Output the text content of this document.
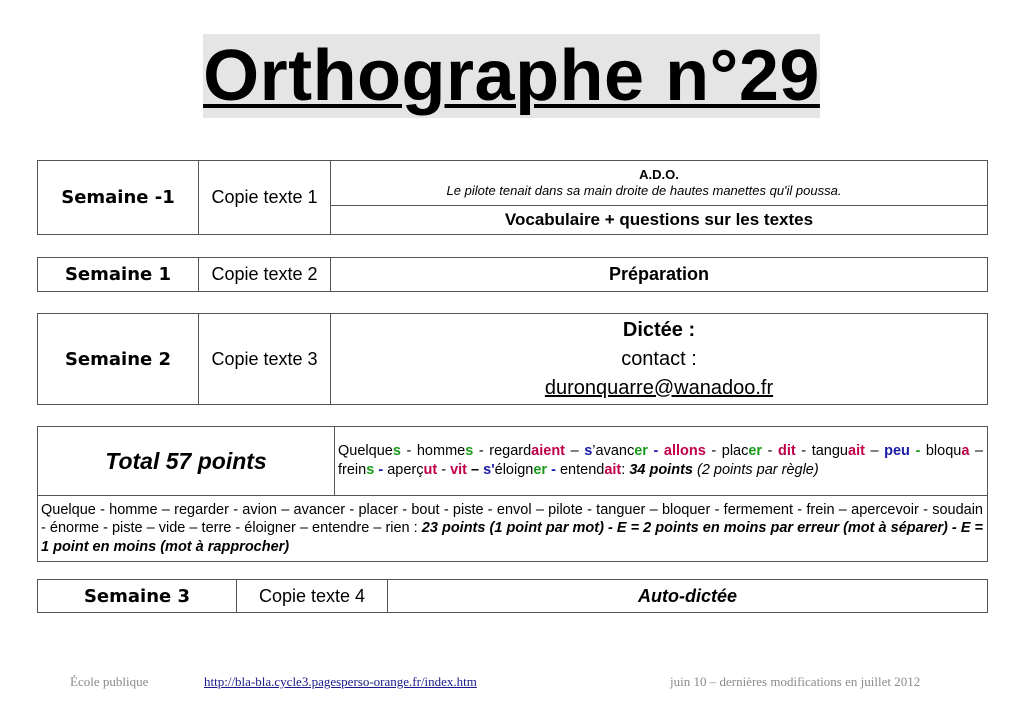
Orthographe n°29
Semaine -1	Copie texte 1	
A.D.O.
Le pilote tenait dans sa main droite de hautes manettes qu'il poussa.

Vocabulaire + questions sur les textes
Semaine 1	Copie texte 2	Préparation
Semaine 2	Copie texte 3	
Dictée :
contact :
duronquarre@wanadoo.fr
Total 57 points	Quelques - hommes - regardaient – s’avancer - allons - placer - dit - tanguait – peu - bloqua – freins - aperçut - vit – s'éloigner - entendait: 34 points (2 points par règle)
Quelque - homme – regarder - avion – avancer - placer - bout - piste - envol – pilote - tanguer – bloquer - fermement - frein – apercevoir - soudain - énorme - piste – vide – terre - éloigner – entendre – rien : 23 points (1 point par mot) - E = 2 points en moins par erreur (mot à séparer) - E = 1 point en moins (mot à rapprocher)
Semaine 3	Copie texte 4	Auto-dictée
École publique	http://bla-bla.cycle3.pagesperso-orange.fr/index.htm	juin 10 – dernières modifications en juillet 2012
